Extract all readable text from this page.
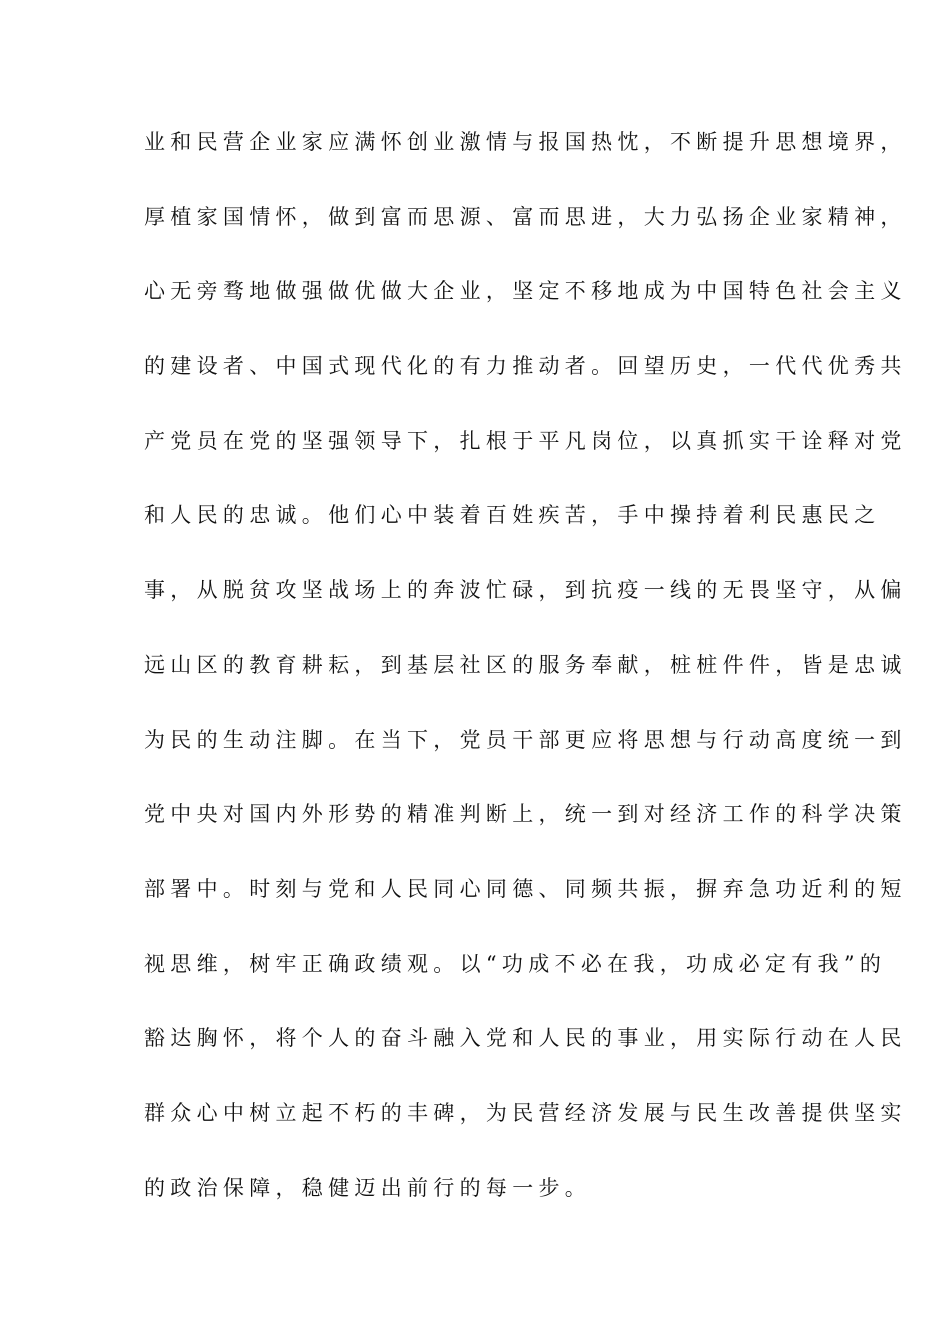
业和民营企业家应满怀创业激情与报国热忱，不断提升思想境界，
厚植家国情怀，做到富而思源、富而思进，大力弘扬企业家精神，
心无旁骛地做强做优做大企业，坚定不移地成为中国特色社会主义
的建设者、中国式现代化的有力推动者。回望历史，一代代优秀共
产党员在党的坚强领导下，扎根于平凡岗位，以真抓实干诠释对党
和人民的忠诚。他们心中装着百姓疾苦，手中操持着利民惠民之
事，从脱贫攻坚战场上的奔波忙碌，到抗疫一线的无畏坚守，从偏
远山区的教育耕耘，到基层社区的服务奉献，桩桩件件，皆是忠诚
为民的生动注脚。在当下，党员干部更应将思想与行动高度统一到
党中央对国内外形势的精准判断上，统一到对经济工作的科学决策
部署中。时刻与党和人民同心同德、同频共振，摒弃急功近利的短
视思维，树牢正确政绩观。以“功成不必在我，功成必定有我”的
豁达胸怀，将个人的奋斗融入党和人民的事业，用实际行动在人民
群众心中树立起不朽的丰碑，为民营经济发展与民生改善提供坚实
的政治保障，稳健迈出前行的每一步。
